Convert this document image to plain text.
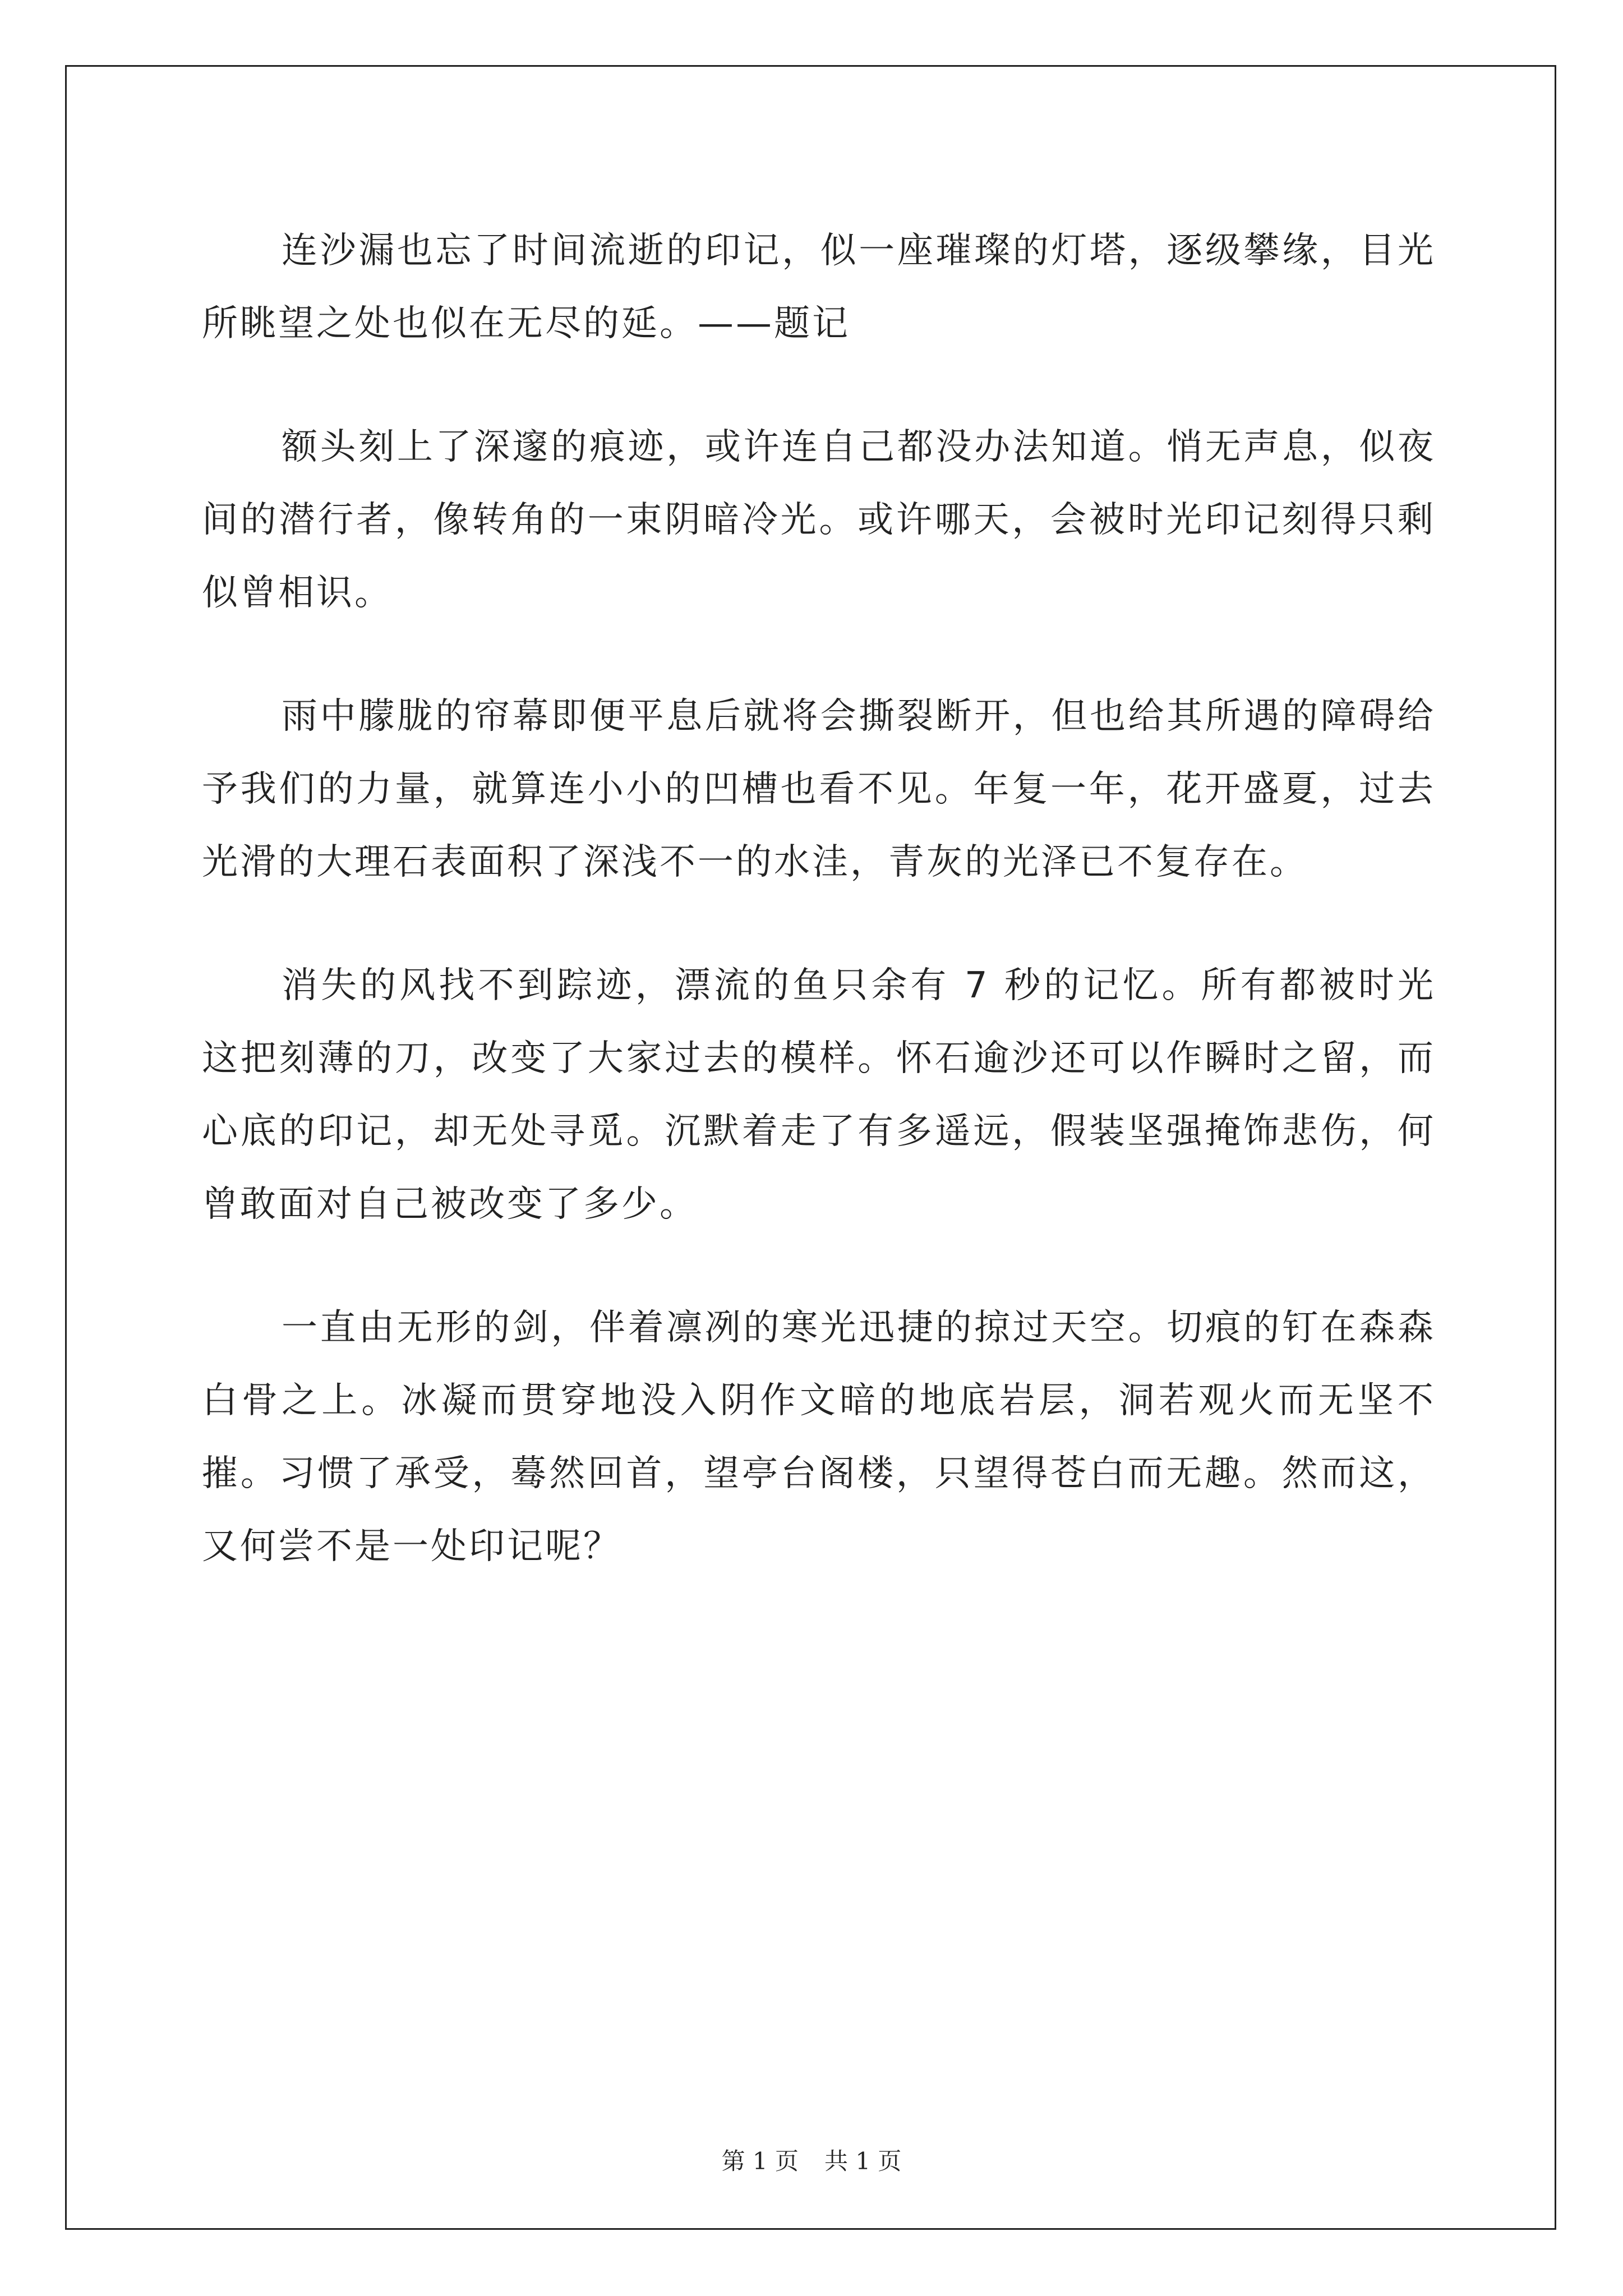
连沙漏也忘了时间流逝的印记，似一座璀璨的灯塔，逐级攀缘，目光所眺望之处也似在无尽的延。——题记

额头刻上了深邃的痕迹，或许连自己都没办法知道。悄无声息，似夜间的潜行者，像转角的一束阴暗冷光。或许哪天，会被时光印记刻得只剩似曾相识。

雨中朦胧的帘幕即便平息后就将会撕裂断开，但也给其所遇的障碍给予我们的力量，就算连小小的凹槽也看不见。年复一年，花开盛夏，过去光滑的大理石表面积了深浅不一的水洼，青灰的光泽已不复存在。

消失的风找不到踪迹，漂流的鱼只余有 7 秒的记忆。所有都被时光这把刻薄的刀，改变了大家过去的模样。怀石逾沙还可以作瞬时之留，而心底的印记，却无处寻觅。沉默着走了有多遥远，假装坚强掩饰悲伤，何曾敢面对自己被改变了多少。

一直由无形的剑，伴着凛冽的寒光迅捷的掠过天空。切痕的钉在森森白骨之上。冰凝而贯穿地没入阴作文暗的地底岩层，洞若观火而无坚不摧。习惯了承受，蓦然回首，望亭台阁楼，只望得苍白而无趣。然而这，又何尝不是一处印记呢？

第 1 页 共 1 页
